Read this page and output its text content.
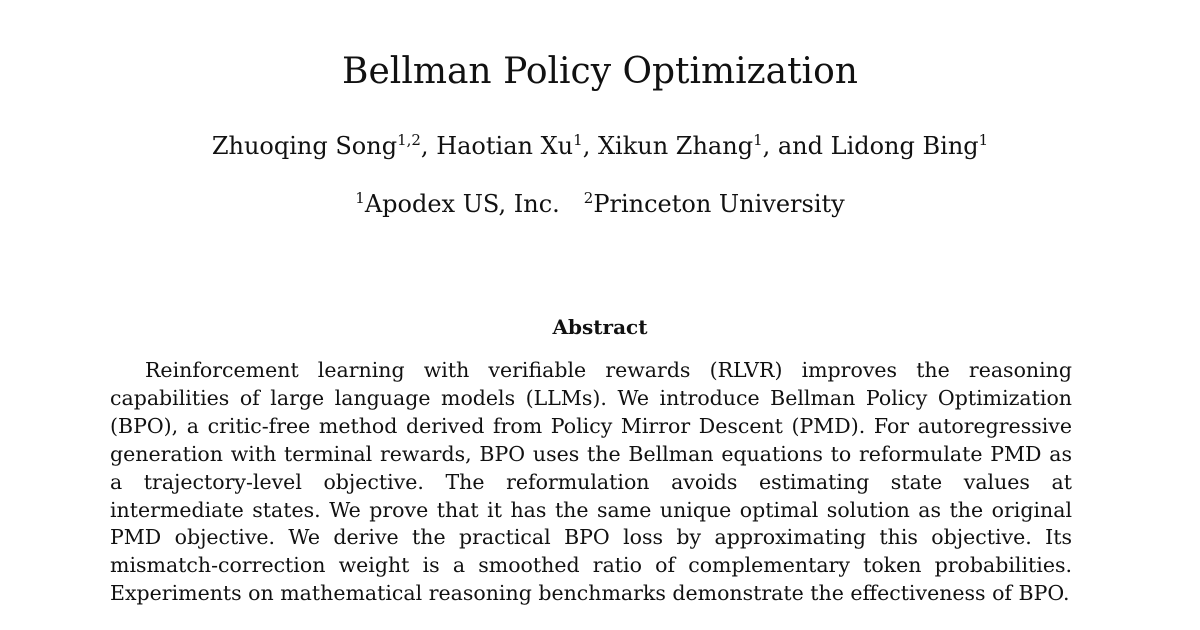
Bellman Policy Optimization
Zhuoqing Song$^{1,2}$, Haotian Xu$^1$, Xikun Zhang$^1$, and Lidong Bing$^1$
$^1$Apodex US, Inc. $^2$Princeton University
Abstract
Reinforcement learning with verifiable rewards (RLVR) improves the reasoning capabilities of large language models (LLMs). We introduce Bellman Policy Optimization (BPO), a critic-free method derived from Policy Mirror Descent (PMD). For autoregressive generation with terminal rewards, BPO uses the Bellman equations to reformulate PMD as a trajectory-level objective. The reformulation avoids estimating state values at intermediate states. We prove that it has the same unique optimal solution as the original PMD objective. We derive the practical BPO loss by approximating this objective. Its mismatch-correction weight is a smoothed ratio of complementary token probabilities. Experiments on mathematical reasoning benchmarks demonstrate the effectiveness of BPO.
